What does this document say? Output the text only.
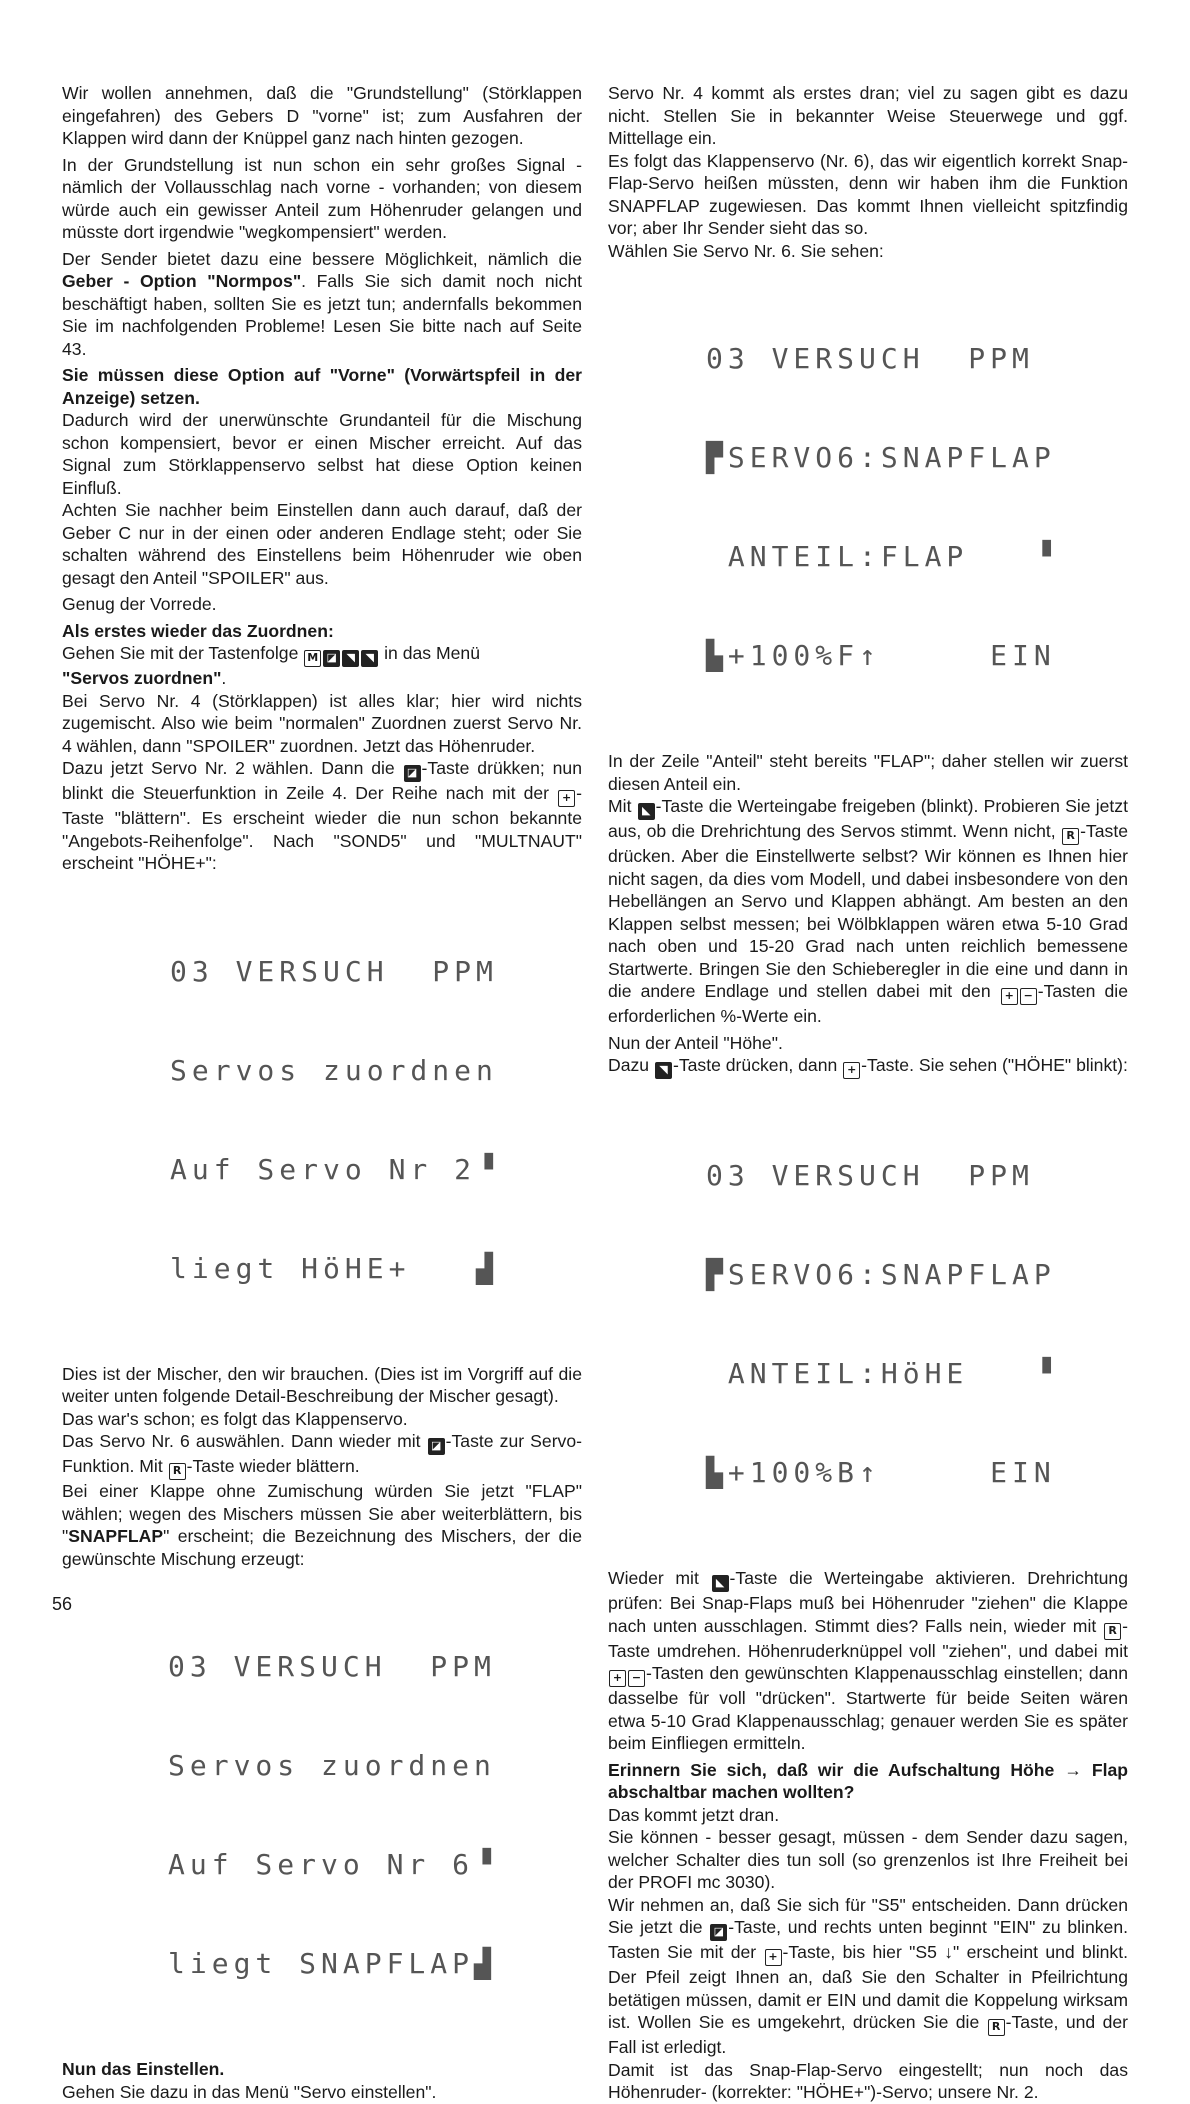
Wir wollen annehmen, daß die "Grundstellung" (Störklappen eingefahren) des Gebers D "vorne" ist; zum Ausfahren der Klappen wird dann der Knüppel ganz nach hinten gezogen.

In der Grundstellung ist nun schon ein sehr großes Signal - nämlich der Vollausschlag nach vorne - vorhanden; von diesem würde auch ein gewisser Anteil zum Höhenruder gelangen und müsste dort irgendwie "wegkompensiert" werden.

Der Sender bietet dazu eine bessere Möglichkeit, nämlich die Geber - Option "Normpos". Falls Sie sich damit noch nicht beschäftigt haben, sollten Sie es jetzt tun; andernfalls bekommen Sie im nachfolgenden Probleme! Lesen Sie bitte nach auf Seite 43.

Sie müssen diese Option auf "Vorne" (Vorwärtspfeil in der Anzeige) setzen.

Dadurch wird der unerwünschte Grundanteil für die Mischung schon kompensiert, bevor er einen Mischer erreicht. Auf das Signal zum Störklappenservo selbst hat diese Option keinen Einfluß.

Achten Sie nachher beim Einstellen dann auch darauf, daß der Geber C nur in der einen oder anderen Endlage steht; oder Sie schalten während des Einstellens beim Höhenruder wie oben gesagt den Anteil "SPOILER" aus.

Genug der Vorrede.

Als erstes wieder das Zuordnen:

Gehen Sie mit der Tastenfolge M ◪ ◥ ◥ in das Menü
"Servos zuordnen".

Bei Servo Nr. 4 (Störklappen) ist alles klar; hier wird nichts zugemischt. Also wie beim "normalen" Zuordnen zuerst Servo Nr. 4 wählen, dann "SPOILER" zuordnen. Jetzt das Höhenruder.

Dazu jetzt Servo Nr. 2 wählen. Dann die ◪ -Taste drükken; nun blinkt die Steuerfunktion in Zeile 4. Der Reihe nach mit der + -Taste "blättern". Es erscheint wieder die nun schon bekannte "Angebots-Reihenfolge". Nach "SOND5" und "MULTNAUT" erscheint "HÖHE+":

03 VERSUCH  PPM

Servos zuordnen

Auf Servo Nr 2▝

liegt HöHE+   ▟

Dies ist der Mischer, den wir brauchen. (Dies ist im Vorgriff auf die weiter unten folgende Detail-Beschreibung der Mischer gesagt).

Das war's schon; es folgt das Klappenservo.

Das Servo Nr. 6 auswählen. Dann wieder mit ◪ -Taste zur Servo-Funktion. Mit R -Taste wieder blättern.

Bei einer Klappe ohne Zumischung würden Sie jetzt "FLAP" wählen; wegen des Mischers müssen Sie aber weiterblättern, bis "SNAPFLAP" erscheint; die Bezeichnung des Mischers, der die gewünschte Mischung erzeugt:

03 VERSUCH  PPM

Servos zuordnen

Auf Servo Nr 6▝

liegt SNAPFLAP▟

Nun das Einstellen.

Gehen Sie dazu in das Menü "Servo einstellen".

Servo Nr. 4 kommt als erstes dran; viel zu sagen gibt es dazu nicht. Stellen Sie in bekannter Weise Steuerwege und ggf. Mittellage ein.

Es folgt das Klappenservo (Nr. 6), das wir eigentlich korrekt Snap-Flap-Servo heißen müssten, denn wir haben ihm die Funktion SNAPFLAP zugewiesen. Das kommt Ihnen vielleicht spitzfindig vor; aber Ihr Sender sieht das so.

Wählen Sie Servo Nr. 6. Sie sehen:

03 VERSUCH  PPM

▛SERVO6:SNAPFLAP

ANTEIL:FLAP   ▝

▙+100%F↑     EIN

In der Zeile "Anteil" steht bereits "FLAP"; daher stellen wir zuerst diesen Anteil ein.

Mit ◣ -Taste die Werteingabe freigeben (blinkt). Probieren Sie jetzt aus, ob die Drehrichtung des Servos stimmt. Wenn nicht, R -Taste drücken. Aber die Einstellwerte selbst? Wir können es Ihnen hier nicht sagen, da dies vom Modell, und dabei insbesondere von den Hebellängen an Servo und Klappen abhängt. Am besten an den Klappen selbst messen; bei Wölbklappen wären etwa 5-10 Grad nach oben und 15-20 Grad nach unten reichlich bemessene Startwerte. Bringen Sie den Schieberegler in die eine und dann in die andere Endlage und stellen dabei mit den + − -Tasten die erforderlichen %-Werte ein.

Nun der Anteil "Höhe".

Dazu ◥ -Taste drücken, dann + -Taste. Sie sehen ("HÖHE" blinkt):

03 VERSUCH  PPM

▛SERVO6:SNAPFLAP

ANTEIL:HöHE   ▝

▙+100%B↑     EIN

Wieder mit ◣ -Taste die Werteingabe aktivieren. Drehrichtung prüfen: Bei Snap-Flaps muß bei Höhenruder "ziehen" die Klappe nach unten ausschlagen. Stimmt dies? Falls nein, wieder mit R -Taste umdrehen. Höhenruderknüppel voll "ziehen", und dabei mit + − -Tasten den gewünschten Klappenausschlag einstellen; dann dasselbe für voll "drücken". Startwerte für beide Seiten wären etwa 5-10 Grad Klappenausschlag; genauer werden Sie es später beim Einfliegen ermitteln.

Erinnern Sie sich, daß wir die Aufschaltung Höhe → Flap abschaltbar machen wollten?

Das kommt jetzt dran.

Sie können - besser gesagt, müssen - dem Sender dazu sagen, welcher Schalter dies tun soll (so grenzenlos ist Ihre Freiheit bei der PROFI mc 3030).

Wir nehmen an, daß Sie sich für "S5" entscheiden. Dann drücken Sie jetzt die ◪ -Taste, und rechts unten beginnt "EIN" zu blinken. Tasten Sie mit der + -Taste, bis hier "S5 ↓" erscheint und blinkt. Der Pfeil zeigt Ihnen an, daß Sie den Schalter in Pfeilrichtung betätigen müssen, damit er EIN und damit die Koppelung wirksam ist. Wollen Sie es umgekehrt, drücken Sie die R -Taste, und der Fall ist erledigt.

Damit ist das Snap-Flap-Servo eingestellt; nun noch das Höhenruder- (korrekter: "HÖHE+")-Servo; unsere Nr. 2.

56
